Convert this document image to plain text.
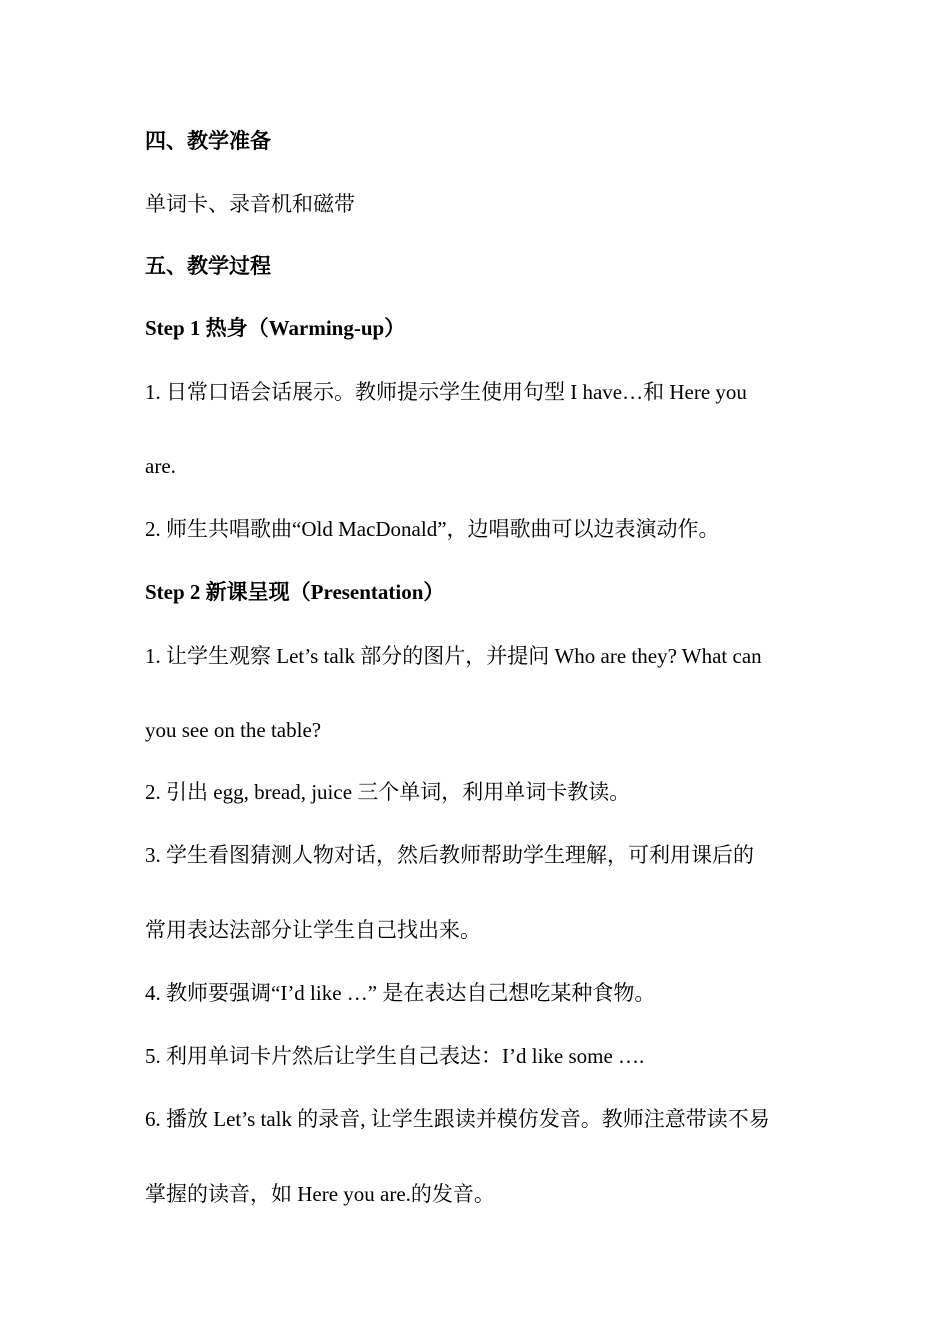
四、教学准备

单词卡、录音机和磁带

五、教学过程

Step 1 热身（Warming-up）

1. 日常口语会话展示。教师提示学生使用句型 I have…和 Here you

are.

2. 师生共唱歌曲“Old MacDonald”，边唱歌曲可以边表演动作。

Step 2 新课呈现（Presentation）

1. 让学生观察 Let’s talk 部分的图片，并提问 Who are they? What can

you see on the table?

2. 引出 egg, bread, juice 三个单词，利用单词卡教读。

3. 学生看图猜测人物对话，然后教师帮助学生理解，可利用课后的

常用表达法部分让学生自己找出来。

4. 教师要强调“I’d like …” 是在表达自己想吃某种食物。

5. 利用单词卡片然后让学生自己表达：I’d like some ….

6. 播放 Let’s talk 的录音, 让学生跟读并模仿发音。教师注意带读不易

掌握的读音，如 Here you are.的发音。
